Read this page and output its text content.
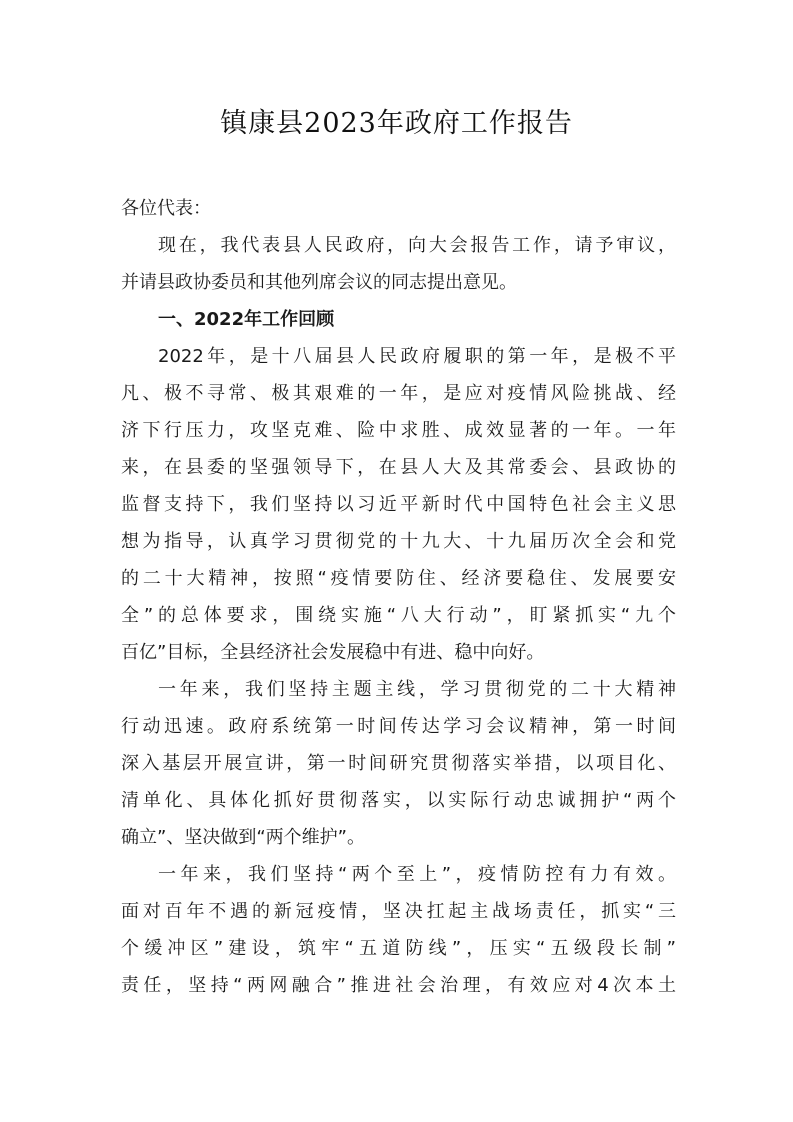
镇康县2023年政府工作报告
各位代表：
现在，我代表县人民政府，向大会报告工作，请予审议，
并请县政协委员和其他列席会议的同志提出意见。
一、2022年工作回顾
2022年，是十八届县人民政府履职的第一年，是极不平
凡、极不寻常、极其艰难的一年，是应对疫情风险挑战、经
济下行压力，攻坚克难、险中求胜、成效显著的一年。一年
来，在县委的坚强领导下，在县人大及其常委会、县政协的
监督支持下，我们坚持以习近平新时代中国特色社会主义思
想为指导，认真学习贯彻党的十九大、十九届历次全会和党
的二十大精神，按照“疫情要防住、经济要稳住、发展要安
全”的总体要求，围绕实施“八大行动”，盯紧抓实“九个
百亿”目标，全县经济社会发展稳中有进、稳中向好。
一年来，我们坚持主题主线，学习贯彻党的二十大精神
行动迅速。政府系统第一时间传达学习会议精神，第一时间
深入基层开展宣讲，第一时间研究贯彻落实举措，以项目化、
清单化、具体化抓好贯彻落实，以实际行动忠诚拥护“两个
确立”、坚决做到“两个维护”。
一年来，我们坚持“两个至上”，疫情防控有力有效。
面对百年不遇的新冠疫情，坚决扛起主战场责任，抓实“三
个缓冲区”建设，筑牢“五道防线”，压实“五级段长制”
责任，坚持“两网融合”推进社会治理，有效应对4次本土
